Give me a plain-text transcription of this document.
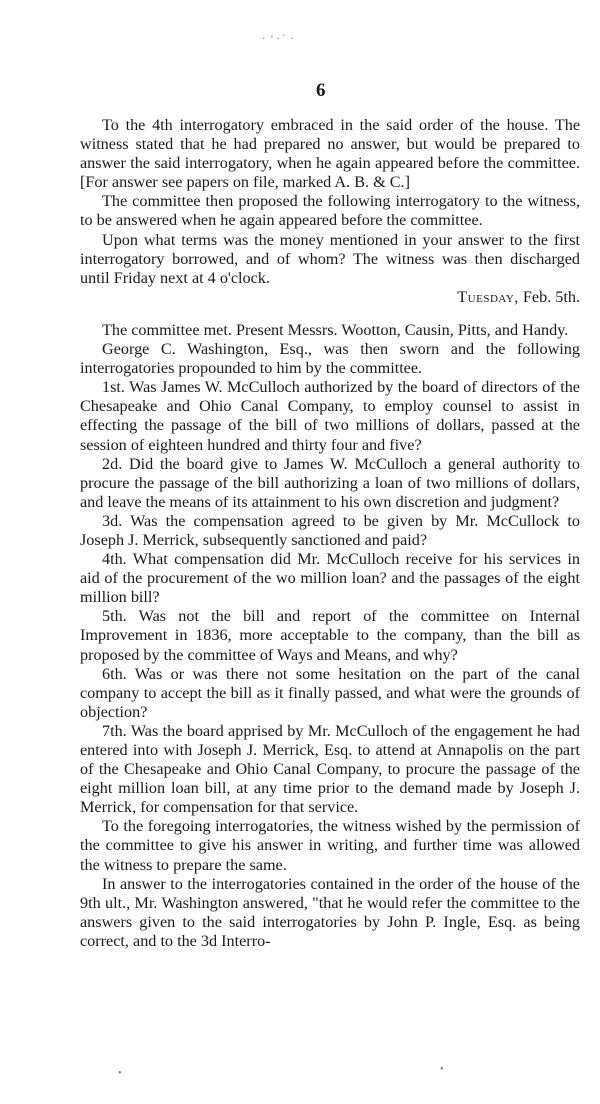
·  ‘ · `  ·
6

To the 4th interrogatory embraced in the said order of the house. The witness stated that he had prepared no answer, but would be prepared to answer the said interrogatory, when he again appeared before the committee. [For answer see papers on file, marked A. B. & C.]

The committee then proposed the following interrogatory to the witness, to be answered when he again appeared before the committee.

Upon what terms was the money mentioned in your answer to the first interrogatory borrowed, and of whom? The witness was then discharged until Friday next at 4 o'clock.

Tuesday, Feb. 5th.

The committee met. Present Messrs. Wootton, Causin, Pitts, and Handy.

George C. Washington, Esq., was then sworn and the following interrogatories propounded to him by the committee.

1st. Was James W. McCulloch authorized by the board of directors of the Chesapeake and Ohio Canal Company, to employ counsel to assist in effecting the passage of the bill of two millions of dollars, passed at the session of eighteen hundred and thirty four and five?

2d. Did the board give to James W. McCulloch a general authority to procure the passage of the bill authorizing a loan of two millions of dollars, and leave the means of its attainment to his own discretion and judgment?

3d. Was the compensation agreed to be given by Mr. McCullock to Joseph J. Merrick, subsequently sanctioned and paid?

4th. What compensation did Mr. McCulloch receive for his services in aid of the procurement of the wo million loan? and the passages of the eight million bill?

5th. Was not the bill and report of the committee on Internal Improvement in 1836, more acceptable to the company, than the bill as proposed by the committee of Ways and Means, and why?

6th. Was or was there not some hesitation on the part of the canal company to accept the bill as it finally passed, and what were the grounds of objection?

7th. Was the board apprised by Mr. McCulloch of the engagement he had entered into with Joseph J. Merrick, Esq. to attend at Annapolis on the part of the Chesapeake and Ohio Canal Company, to procure the passage of the eight million loan bill, at any time prior to the demand made by Joseph J. Merrick, for compensation for that service.

To the foregoing interrogatories, the witness wished by the permission of the committee to give his answer in writing, and further time was allowed the witness to prepare the same.

In answer to the interrogatories contained in the order of the house of the 9th ult., Mr. Washington answered, "that he would refer the committee to the answers given to the said interrogatories by John P. Ingle, Esq. as being correct, and to the 3d Interro-

•	•
